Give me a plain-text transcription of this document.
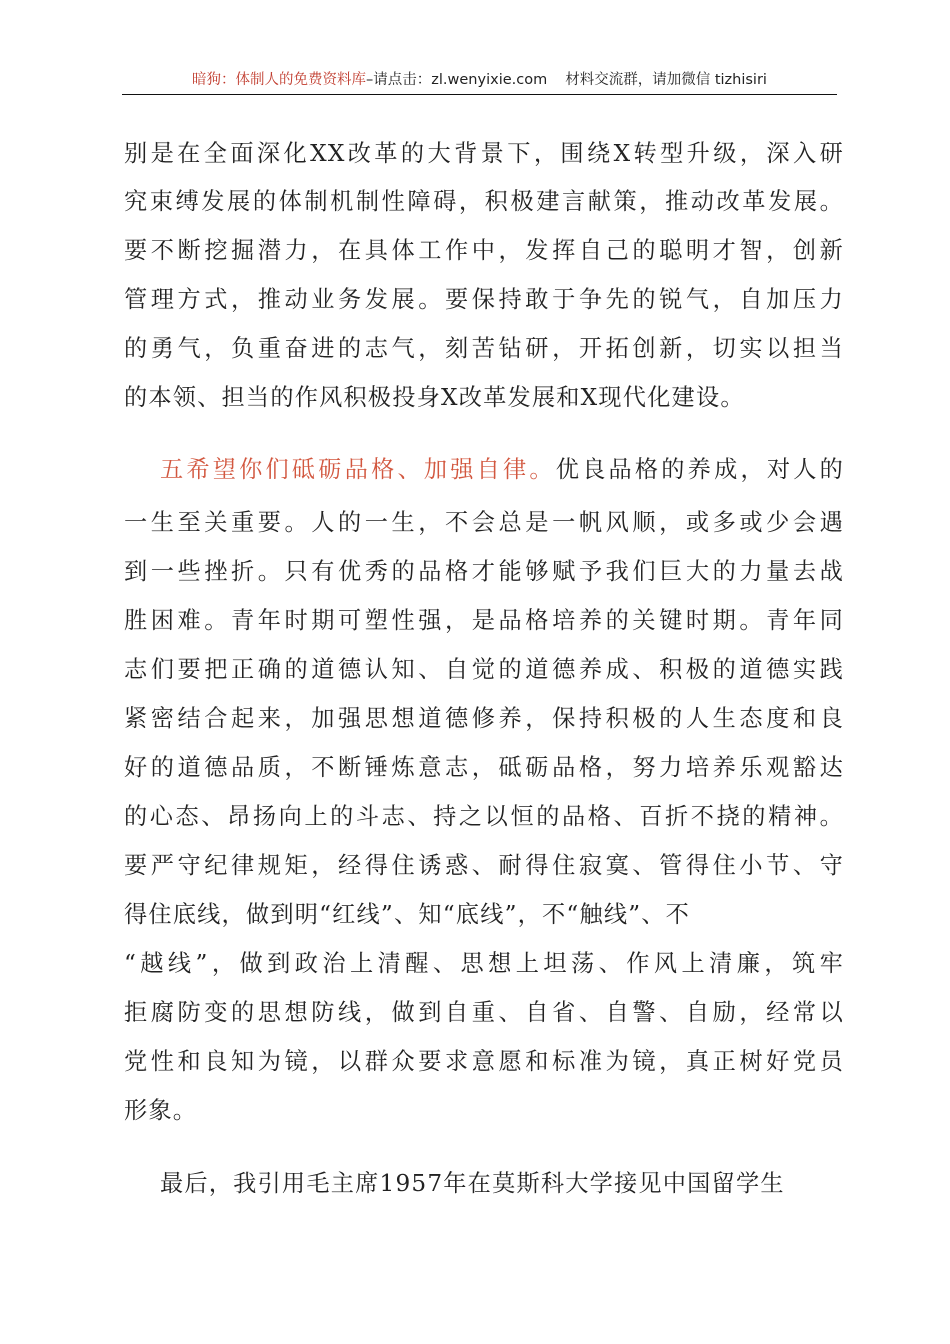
暗狗：体制人的免费资料库–请点击：zl.wenyixie.com 材料交流群，请加微信 tizhisiri
别是在全面深化XX改革的大背景下，围绕X转型升级，深入研
究束缚发展的体制机制性障碍，积极建言献策，推动改革发展。
要不断挖掘潜力，在具体工作中，发挥自己的聪明才智，创新
管理方式，推动业务发展。要保持敢于争先的锐气，自加压力
的勇气，负重奋进的志气，刻苦钻研，开拓创新，切实以担当
的本领、担当的作风积极投身X改革发展和X现代化建设。
五希望你们砥砺品格、加强自律。优良品格的养成，对人的
一生至关重要。人的一生，不会总是一帆风顺，或多或少会遇
到一些挫折。只有优秀的品格才能够赋予我们巨大的力量去战
胜困难。青年时期可塑性强，是品格培养的关键时期。青年同
志们要把正确的道德认知、自觉的道德养成、积极的道德实践
紧密结合起来，加强思想道德修养，保持积极的人生态度和良
好的道德品质，不断锤炼意志，砥砺品格，努力培养乐观豁达
的心态、昂扬向上的斗志、持之以恒的品格、百折不挠的精神。
要严守纪律规矩，经得住诱惑、耐得住寂寞、管得住小节、守
得住底线，做到明“红线”、知“底线”，不“触线”、不
“越线”，做到政治上清醒、思想上坦荡、作风上清廉，筑牢
拒腐防变的思想防线，做到自重、自省、自警、自励，经常以
党性和良知为镜，以群众要求意愿和标准为镜，真正树好党员
形象。
最后，我引用毛主席1957年在莫斯科大学接见中国留学生
